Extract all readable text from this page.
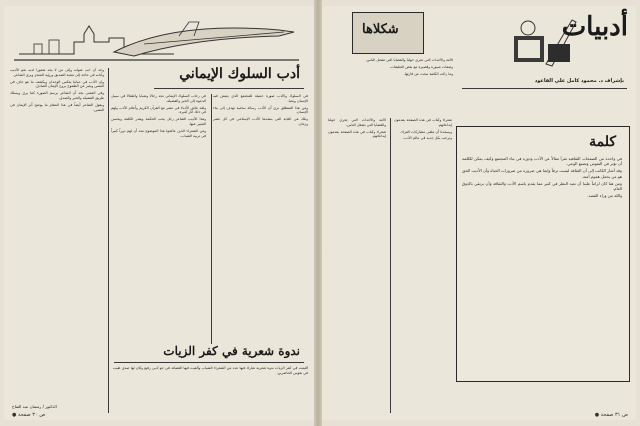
أدب السلوك الإيماني

في السلوك والأدب صورة جميلة للمجتمع الذي يعيش فيه الإنسان ويحيا.

ومن هذا المنطلق نرى أن الأدب رسالة سامية تهدف إلى بناء الإنسان.

وتلك هي الغاية التي ينشدها الأدب الإسلامي في كل عصر وزمان.

في رحاب السلوك الإيماني نجد رجالاً وشباباً وأطفالاً في سبيل الدعوة إلى الخير والفضيلة.

ولقد عاش الأدباء في مصر مع القرآن الكريم وأعلام الأدب ولهم في ذلك آثار كثيرة.

وهذا الأديب الشاعر رجل يحب الحكمة ويقدر الكلمة ويحسن التعبير عنها.

ومن الشعراء الذين عالجوا هذا الموضوع نجد أن لهم دوراً كبيراً في تربية الشباب.

وجد أن حب عنوانه وإلى من لا يجد شعوراً لديه نحو الأديب وآدابه في حاجة إلى محبة الصديق ورؤية المنجز ويرى الشاعر.

وإن الأدب في حياتنا يعكس الوجدان ويكشف ما هو خاف في النفس ويعبر عن الطموح بروح الإيمان الصادق.

وفي المعنى نجد أن الشاعر يرسم الصورة كما يرى ويسلك طريق الفضيلة والخير والصدق.

ويقول الشاعر أيضاً في هذا المقام ما يوضح أثر الإيمان في النفس.

ندوة شعرية في كفر الزيات

أقيمت في كفر الزيات ندوة شعرية شارك فيها عدد من الشعراء الشباب وألقيت فيها القصائد في جو أدبي رفيع وكان لها صدى طيب في نفوس الحاضرين.

الدكتور / رمضان عبد الفتاح
● ص ٣٠ صفحة
شكلاها	أدبيات
بإشراف د. محمود كامل علي القاعود

الأمة والأحداث التي تجري حولنا والقضايا التي تشغل الناس.

وصفات صبورة وقصيرة مع بعض التعليقات.

وما زالت الكلمة تبحث عن قارئها.

كلمة

في واحدة من الصفحات الثقافية تقرأ مقالاً عن الأدب ودوره في بناء المجتمع وكيف يمكن للكلمة أن تؤثر في النفوس وتصنع الوعي.

وقد أشار الكاتب إلى أن الثقافة ليست ترفاً وإنما هي ضرورة من ضرورات الحياة وأن الأديب الحق هو من يحمل هموم أمته.

ومن هنا كان لزاماً علينا أن نعيد النظر في كثير مما يقدم باسم الأدب والثقافة وأن نرتقي بالذوق العام.

والله من وراء القصد.

شعراء وكتاب في هذه الصفحة يقدمون إبداعاتهم.

ويسعدنا أن نتلقى مشاركات القراء.

ونرحب بكل جديد في عالم الأدب.

الأمة والأحداث التي تجري حولنا والقضايا التي تشغل الناس.

شعراء وكتاب في هذه الصفحة يقدمون إبداعاتهم.

● ص ٣١ صفحة
